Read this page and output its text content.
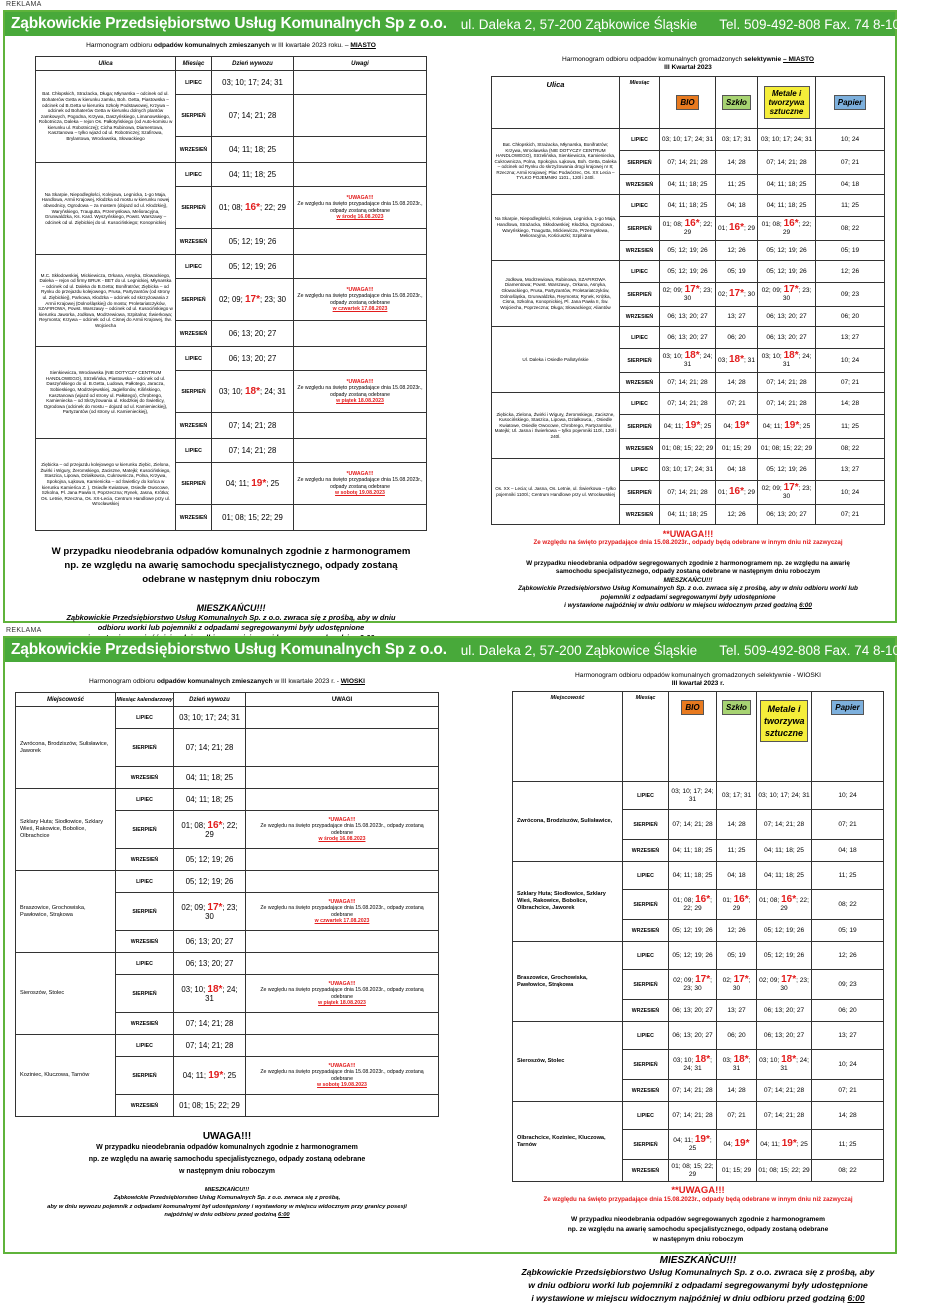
REKLAMA
Ząbkowickie Przedsiębiorstwo Usług Komunalnych Sp z o.o. ul. Daleka 2, 57-200 Ząbkowice Śląskie Tel. 509-492-808 Fax. 74 8-100-328
Harmonogram odbioru odpadów komunalnych zmieszanych w III kwartale 2023 roku. – MIASTO
Ulica	Miesiąc	Dzień wywozu	Uwagi
Bat. Chłopskich, Strażacka, Długa; Młynarska – odcinek od ul. Bohaterów Getta w kierunku zamku, Boh. Getta, Piastowska – odcinek od B.Getta w kierunku Szkoły Podstawowej, Krzywa – odcinek od Bohaterów Getta w kierunku dolnych plantów zamkowych, Pogodna, Krzywa, Daszyńskiego, Limanowskiego, Robotnicza, Daleka – rejon Os. Pałłotyńskiego (od Auto-komisu w kierunku ul. Robotniczej); Cicha Rubinowa, Diamentowa, Kasztanowa – tylko wjazd od ul. Robotniczej; Szafirowa, Brylantowa, Wrocławska, Słowackiego	LIPIEC	03; 10; 17; 24; 31	
	SIERPIEŃ	07; 14; 21; 28	
	WRZESIEŃ	04; 11; 18; 25	
Na Skarpie, Niepodległości, Kolejowa, Legnicka, 1-go Maja, Handlowa, Armii Krajowej, Kłodzka od mostu w kierunku nowej obwodnicy, Ogrodowa – za mostem (dojazd od ul. Kłodzkiej), Waryńskiego, Traugutta, Przemysłowa, Melioracyjna, Grunwaldzka, Ks. Kard. Wyszyńskiego, Powst. Warszawy – odcinek od ul. Ziębickiej do ul. Kusocińskiego; Konopnickiej	LIPIEC	04; 11; 18; 25	
	SIERPIEŃ	01; 08; 16*; 22; 29	*UWAGA!!!
Ze względu na święto przypadające dnia 15.08.2023r., odpady zostaną odebrane
w środę 16.08.2023

	WRZESIEŃ	05; 12; 19; 26	
M.C. Skłodowskiej, Mickiewicza, Orkana, Asnyka, Głowackiego, Daleka – rejon od firmy BRUK - BET do ul. Legnickiej, Młynarska – odcinek od ul. Daleka do B.Getta; Bonifratrów; Ziębicka – od Rynku do przejazdu kolejowego, Prusa, Partyzantów (od strony ul. Ziębickiej), Parkowa, Kłodzka – odcinek od skrzyżowania z Armii Krajowej (Dolnośląskiej) do mostu; Proletariatczyków, SZAFIROWA, Powst. Warszawy – odcinek od ul. Kusocińskiego w kierunku Jaworka, Jodłowa, Modrzewiowa, Szpitalna; Świerkowa; Reymonta; Krzywa – odcinek od ul. Cisnej do Armii Krajowej, Św. Wojciecha	LIPIEC	05; 12; 19; 26	
	SIERPIEŃ	02; 09; 17*; 23; 30	*UWAGA!!!
Ze względu na święto przypadające dnia 15.08.2023r., odpady zostaną odebrane
w czwartek 17.08.2023

	WRZESIEŃ	06; 13; 20; 27	
Sienkiewicza, Wrocławska (NIE DOTYCZY CENTRUM HANDLOWEGO), Strzelińska, Piastowska – odcinek od ul. Daszyńskiego do ul. B.Getta, Ludowa, Pałłotego, Jaracza, Sobieskiego, Modrzejewskiej, Jagiellonów, Kilińskiego, Kasztanowa (wjazd od strony ul. Pałłotego), Chrobrego, Kamieniecka – od Skrzyżowania ul. Kłodzkiej do Świetlicy, Ogrodowa (odcinek do mostu – dojazd od ul. Kamienieckiej), Partyzantów (od strony ul. Kamienieckiej),	LIPIEC	06; 13; 20; 27	
	SIERPIEŃ	03; 10; 18*; 24; 31	*UWAGA!!!
Ze względu na święto przypadające dnia 15.08.2023r., odpady zostaną odebrane
w piątek 18.08.2023

	WRZESIEŃ	07; 14; 21; 28	
Ziębicka – od przejazdu kolejowego w kierunku Ziębic, Zielona, Żwirki i Wigury, Żeromskiego, Zaciszne, Matejki; Kusocińskiego, Staszica, Lipowa, Działkowca, Cukrownicza, Polna, Krzywa, Spokojna, Łąkowa, Kamienicka – od Świetlicy do końca w kierunku Kamieńca Z. ), Osiedle Kwiatowe, Osiedle Owocowe, Szkolna, Pl. Jana Pawła II, Poprzeczna; Rynek, Jasna, Krótka; Os. Letnie, Rzeczna, Os. XX-Lecia, Centrum Handlowe przy ul. Wrocławskiej	LIPIEC	07; 14; 21; 28	
	SIERPIEŃ	04; 11; 19*; 25	*UWAGA!!!
Ze względu na święto przypadające dnia 15.08.2023r., odpady zostaną odebrane
w sobotę 19.08.2023

	WRZESIEŃ	01; 08; 15; 22; 29	
W przypadku nieodebrania odpadów komunalnych zgodnie z harmonogramem
np. ze względu na awarię samochodu specjalistycznego, odpady zostaną
odebrane w następnym dniu roboczym
MIESZKAŃCU!!!
Ząbkowickie Przedsiębiorstwo Usług Komunalnych Sp. z o.o. zwraca się z prośbą, aby w dniu
odbioru worki lub pojemniki z odpadami segregowanymi były udostępnione
Harmonogram odbioru odpadów komunalnych gromadzonych selektywnie – MIASTO
III Kwartał 2023
Ulica	Miesiąc	BIO	Szkło	Metale i tworzywa sztuczne	Papier
Bat. Chłopskich, Strażacka, Młynarska, Bonifratrów; Krzywa, Wrocławska (NIE DOTYCZY CENTRUM HANDLOWEGO), Strzelińska, Sienkiewicza, Kamieniecka, Cukrownicza, Polna, Spokojna. Łąkowa, Boh. Getta, Daleka – odcinek od Rynku do skrzyżowania drogi krajowej nr 8; Rzeczna; Armii Krajowej; Plac Podwórzec, Os. XX Lecia – TYLKO POJEMNIKI 1101., 120l i 240l.	LIPIEC	03; 10; 17; 24; 31	03; 17; 31	03; 10; 17; 24; 31	10; 24
	SIERPIEŃ	07; 14; 21; 28	14; 28	07; 14; 21; 28	07; 21
	WRZESIEŃ	04; 11; 18; 25	11; 25	04; 11; 18; 25	04; 18
Na Skarpie, Niepodległości, Kolejowa, Legnicka, 1-go Maja, Handlowa, Strażacka, Skłodowskiej; Kłodzka, Ogrodowa , Waryńskiego, Traugutta, Mickiewicza, Przemysłowa, Melioracyjna, Kościuszki; Szpitalna	LIPIEC	04; 11; 18; 25	04; 18	04; 11; 18; 25	11; 25
	SIERPIEŃ	01; 08; 16*; 22; 29	01; 16*; 29	01; 08; 16*; 22; 29	08; 22
	WRZESIEŃ	05; 12; 19; 26	12; 26	05; 12; 19; 26	05; 19
Jodłowa, Modrzewiowa, Rubinowa, SZAFIROWA Diamentowa; Powst. Warszawy., Orkana, Asnyka, Głowackiego, Prusa, Partyzantów, Proletariatczyków, Dolnośląska, Grunwaldzka, Reymonta; Rynek, Krótka, Cisna, Szkolna, Konopnickiej, Pl. Jana Pawła II, Św. Wojciecha, Poprzeczna; Długa; Słowackiego; Aliantów	LIPIEC	05; 12; 19; 26	05; 19	05; 12; 19; 26	12; 26
	SIERPIEŃ	02; 09; 17*; 23; 30	02; 17*; 30	02; 09; 17*; 23; 30	09; 23
	WRZESIEŃ	06; 13; 20; 27	13; 27	06; 13; 20; 27	06; 20
Ul. Daleka i Osiedle Pallotyńskie	LIPIEC	06; 13; 20; 27	06; 20	06; 13; 20; 27	13; 27
	SIERPIEŃ	03; 10; 18*; 24; 31	03; 18*; 31	03; 10; 18*; 24; 31	10; 24
	WRZESIEŃ	07; 14; 21; 28	14; 28	07; 14; 21; 28	07; 21
Ziębicka, Zielona, Żwirki i Wigury, Żeromskiego, Zaciszne, Kusocińskiego, Staszica, Lipowa, Działkowca, , Osiedle Kwiatowe, Osiedle Owocowe, Chrobrego, Partyzantów, Matejki; Ul. Jasna i Świerkowa – tylko pojemniki 110l., 120l i 240l.	LIPIEC	07; 14; 21; 28	07; 21	07; 14; 21; 28	14; 28
	SIERPIEŃ	04; 11; 19*; 25	04; 19*	04; 11; 19*; 25	11; 25
	WRZESIEŃ	01; 08; 15; 22; 29	01; 15; 29	01; 08; 15; 22; 29	08; 22
Os. XX – Lecia; ul. Jasna, Os. Letnie, ul. Świerkowa – tylko pojemniki 1100l.; Centrum Handlowe przy ul. Wrocławskiej	LIPIEC	03; 10; 17; 24; 31	04; 18	05; 12; 19; 26	13; 27
	SIERPIEŃ	07; 14; 21; 28	01; 16*; 29	02; 09; 17*; 23; 30	10; 24
	WRZESIEŃ	04; 11; 18; 25	12; 26	06; 13; 20; 27	07; 21
**UWAGA!!!
Ze względu na święto przypadające dnia 15.08.2023r., odpady będą odebrane w innym dniu niż zazwyczaj
W przypadku nieodebrania odpadów segregowanych zgodnie z harmonogramem np. ze względu na awarię
samochodu specjalistycznego, odpady zostaną odebrane w następnym dniu roboczym
MIESZKAŃCU!!!
Ząbkowickie Przedsiębiorstwo Usług Komunalnych Sp. z o.o. zwraca się z prośbą, aby w dniu odbioru worki lub
pojemniki z odpadami segregowanymi były udostępnione
i wystawione najpóźniej w dniu odbioru w miejscu widocznym przed godziną 6:00
REKLAMA
Ząbkowickie Przedsiębiorstwo Usług Komunalnych Sp z o.o. ul. Daleka 2, 57-200 Ząbkowice Śląskie Tel. 509-492-808 Fax. 74 8-100-328
Harmonogram odbioru odpadów komunalnych zmieszanych w III kwartale 2023 r. - WIOSKI
Miejscowość	Miesiąc kalendarzowy	Dzień wywozu	UWAGI
Zwrócona, Brodziszów, Sulisławice, Jaworek	LIPIEC	03; 10; 17; 24; 31	
	SIERPIEŃ	07; 14; 21; 28	
	WRZESIEŃ	04; 11; 18; 25	
Szklary Huta; Siodłowice, Szklary Wieś, Rakowice, Bobolice, Olbrachcice	LIPIEC	04; 11; 18; 25	
	SIERPIEŃ	01; 08; 16*; 22; 29	*UWAGA!!!
Ze względu na święto przypadające dnia 15.08.2023r., odpady zostaną odebrane
w środę 16.08.2023

	WRZESIEŃ	05; 12; 19; 26	
Braszowice, Grochowiska, Pawłowice, Strąkowa	LIPIEC	05; 12; 19; 26	
	SIERPIEŃ	02; 09; 17*; 23; 30	*UWAGA!!!
Ze względu na święto przypadające dnia 15.08.2023r., odpady zostaną odebrane
w czwartek 17.08.2023

	WRZESIEŃ	06; 13; 20; 27	
Sieroszów, Stolec	LIPIEC	06; 13; 20; 27	
	SIERPIEŃ	03; 10; 18*; 24; 31	*UWAGA!!!
Ze względu na święto przypadające dnia 15.08.2023r., odpady zostaną odebrane
w piątek 18.08.2023

	WRZESIEŃ	07; 14; 21; 28	
Koziniec, Kluczowa, Tarnów	LIPIEC	07; 14; 21; 28	
	SIERPIEŃ	04; 11; 19*; 25	*UWAGA!!!
Ze względu na święto przypadające dnia 15.08.2023r., odpady zostaną odebrane
w sobotę 19.08.2023

	WRZESIEŃ	01; 08; 15; 22; 29	
UWAGA!!!
W przypadku nieodebrania odpadów komunalnych zgodnie z harmonogramem
np. ze względu na awarię samochodu specjalistycznego, odpady zostaną odebrane
w następnym dniu roboczym
MIESZKAŃCU!!!
Ząbkowickie Przedsiębiorstwo Usług Komunalnych Sp. z o.o. zwraca się z prośbą,
aby w dniu wywozu pojemnik z odpadami komunalnymi był udostępniony i wystawiony w miejscu widocznym przy granicy posesji
najpóźniej w dniu odbioru przed godziną 6:00
Harmonogram odbioru odpadów komunalnych gromadzonych selektywnie - WIOSKI
III kwartał 2023 r.
Miejscowość	Miesiąc	BIO	Szkło	Metale i tworzywa sztuczne	Papier
Zwrócona, Brodziszów, Sulisławice,	LIPIEC	03; 10; 17; 24; 31	03; 17; 31	03; 10; 17; 24; 31	10; 24
	SIERPIEŃ	07; 14; 21; 28	14; 28	07; 14; 21; 28	07; 21
	WRZESIEŃ	04; 11; 18; 25	11; 25	04; 11; 18; 25	04; 18
Szklary Huta; Siodłowice, Szklary Wieś, Rakowice, Bobolice, Olbrachcice, Jaworek	LIPIEC	04; 11; 18; 25	04; 18	04; 11; 18; 25	11; 25
	SIERPIEŃ	01; 08; 16*; 22; 29	01; 16*; 29	01; 08; 16*; 22; 29	08; 22
	WRZESIEŃ	05; 12; 19; 26	12; 26	05; 12; 19; 26	05; 19
Braszowice, Grochowiska, Pawłowice, Strąkowa	LIPIEC	05; 12; 19; 26	05; 19	05; 12; 19; 26	12; 26
	SIERPIEŃ	02; 09; 17*; 23; 30	02; 17*; 30	02; 09; 17*; 23; 30	09; 23
	WRZESIEŃ	06; 13; 20; 27	13; 27	06; 13; 20; 27	06; 20
Sieroszów, Stolec	LIPIEC	06; 13; 20; 27	06; 20	06; 13; 20; 27	13; 27
	SIERPIEŃ	03; 10; 18*; 24; 31	03; 18*; 31	03; 10; 18*; 24; 31	10; 24
	WRZESIEŃ	07; 14; 21; 28	14; 28	07; 14; 21; 28	07; 21
Olbrachcice, Koziniec, Kluczowa, Tarnów	LIPIEC	07; 14; 21; 28	07; 21	07; 14; 21; 28	14; 28
	SIERPIEŃ	04; 11; 19*; 25	04; 19*	04; 11; 19*; 25	11; 25
	WRZESIEŃ	01; 08; 15; 22; 29	01; 15; 29	01; 08; 15; 22; 29	08; 22
**UWAGA!!!
Ze względu na święto przypadające dnia 15.08.2023r., odpady będą odebrane w innym dniu niż zazwyczaj
W przypadku nieodebrania odpadów segregowanych zgodnie z harmonogramem
np. ze względu na awarię samochodu specjalistycznego, odpady zostaną odebrane
w następnym dniu roboczym
MIESZKAŃCU!!!
Ząbkowickie Przedsiębiorstwo Usług Komunalnych Sp. z o.o. zwraca się z prośbą, aby
w dniu odbioru worki lub pojemniki z odpadami segregowanymi były udostępnione
i wystawione w miejscu widocznym najpóźniej w dniu odbioru przed godziną 6:00
